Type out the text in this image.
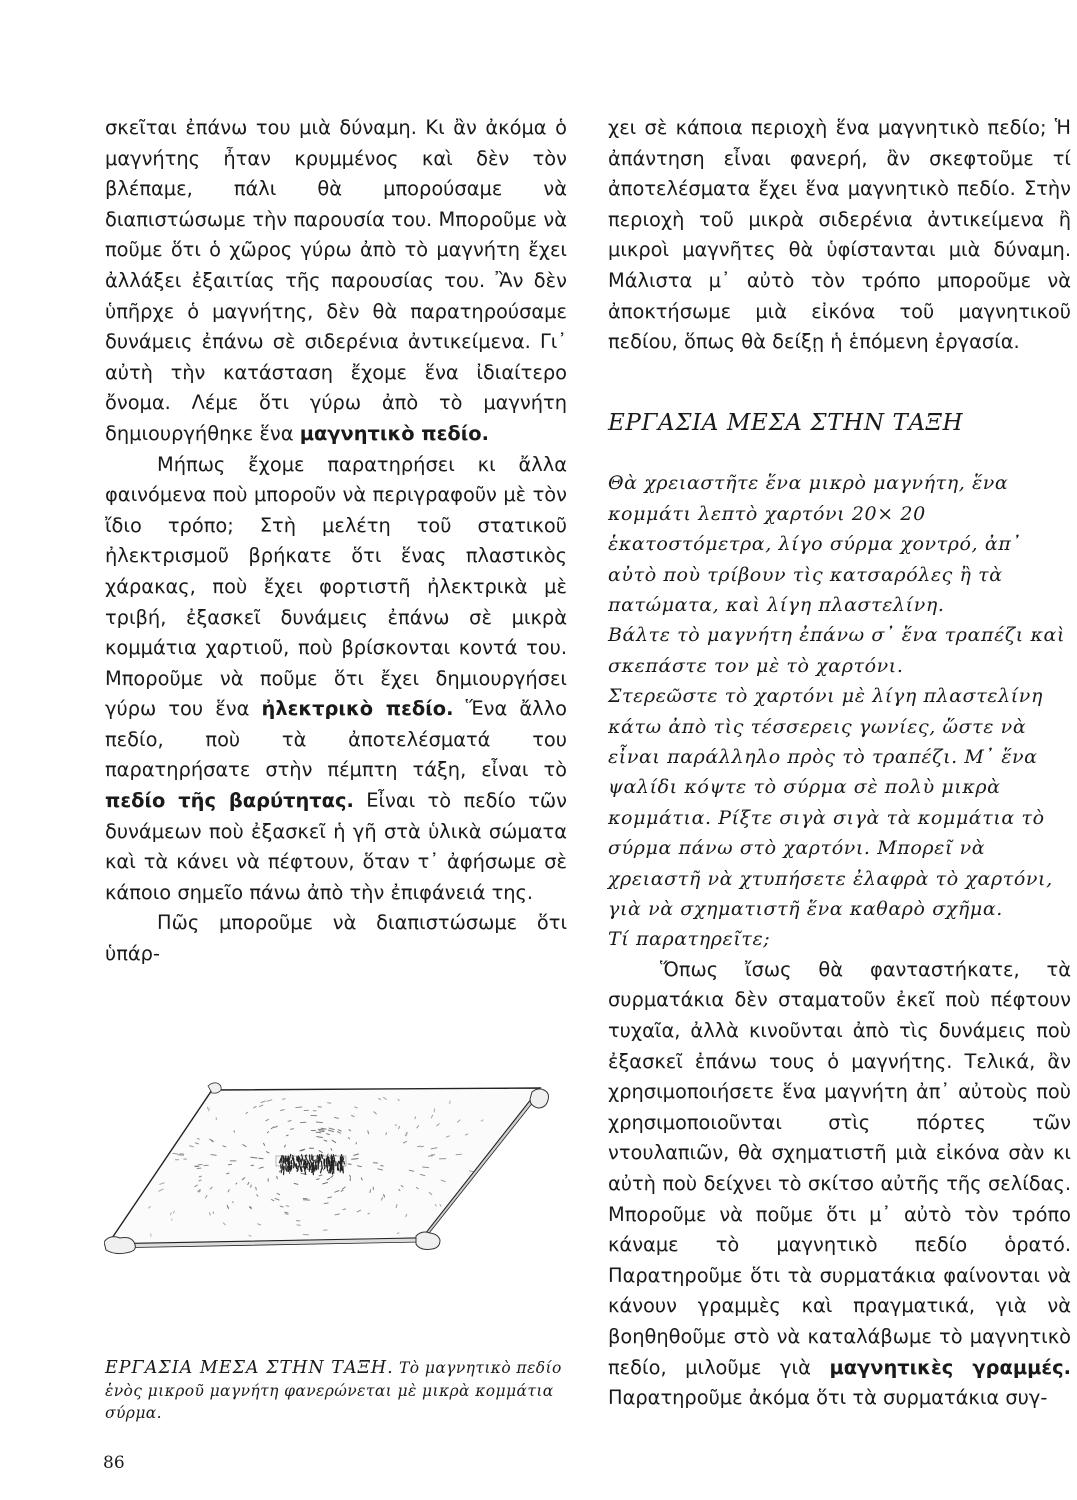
σκεῖται ἐπάνω του μιὰ δύναμη. Κι ἂν ἀκόμα ὁ μαγνήτης ἦταν κρυμμένος καὶ δὲν τὸν βλέπαμε, πάλι θὰ μπορούσαμε νὰ διαπιστώσωμε τὴν παρουσία του. Μποροῦμε νὰ ποῦμε ὅτι ὁ χῶρος γύρω ἀπὸ τὸ μαγνήτη ἔχει ἀλλάξει ἐξαιτίας τῆς παρουσίας του. Ἂν δὲν ὑπῆρχε ὁ μαγνήτης, δὲν θὰ παρατηρούσαμε δυνάμεις ἐπάνω σὲ σιδερένια ἀντικείμενα. Γι᾽ αὐτὴ τὴν κατάσταση ἔχομε ἕνα ἰδιαίτερο ὄνομα. Λέμε ὅτι γύρω ἀπὸ τὸ μαγνήτη δημιουργήθηκε ἕνα μαγνητικὸ πεδίο.

Μήπως ἔχομε παρατηρήσει κι ἄλλα φαινόμενα ποὺ μποροῦν νὰ περιγραφοῦν μὲ τὸν ἴδιο τρόπο; Στὴ μελέτη τοῦ στατικοῦ ἠλεκτρισμοῦ βρήκατε ὅτι ἕνας πλαστικὸς χάρακας, ποὺ ἔχει φορτιστῆ ἠλεκτρικὰ μὲ τριβή, ἐξασκεῖ δυνάμεις ἐπάνω σὲ μικρὰ κομμάτια χαρτιοῦ, ποὺ βρίσκονται κοντά του. Μποροῦμε νὰ ποῦμε ὅτι ἔχει δημιουργήσει γύρω του ἕνα ἠλεκτρικὸ πεδίο. Ἕνα ἄλλο πεδίο, ποὺ τὰ ἀποτελέσματά του παρατηρήσατε στὴν πέμπτη τάξη, εἶναι τὸ πεδίο τῆς βαρύτητας. Εἶναι τὸ πεδίο τῶν δυνάμεων ποὺ ἐξασκεῖ ἡ γῆ στὰ ὑλικὰ σώματα καὶ τὰ κάνει νὰ πέφτουν, ὅταν τ᾽ ἀφήσωμε σὲ κάποιο σημεῖο πάνω ἀπὸ τὴν ἐπιφάνειά της.

Πῶς μποροῦμε νὰ διαπιστώσωμε ὅτι ὑπάρ-

χει σὲ κάποια περιοχὴ ἕνα μαγνητικὸ πεδίο; Ἡ ἀπάντηση εἶναι φανερή, ἂν σκεφτοῦμε τί ἀποτελέσματα ἔχει ἕνα μαγνητικὸ πεδίο. Στὴν περιοχὴ τοῦ μικρὰ σιδερένια ἀντικείμενα ἢ μικροὶ μαγνῆτες θὰ ὑφίστανται μιὰ δύναμη. Μάλιστα μ᾽ αὐτὸ τὸν τρόπο μποροῦμε νὰ ἀποκτήσωμε μιὰ εἰκόνα τοῦ μαγνητικοῦ πεδίου, ὅπως θὰ δείξῃ ἡ ἑπόμενη ἐργασία.

ΕΡΓΑΣΙΑ ΜΕΣΑ ΣΤΗΝ ΤΑΞΗ

Θὰ χρειαστῆτε ἕνα μικρὸ μαγνήτη, ἕνα κομμάτι λεπτὸ χαρτόνι 20× 20 ἑκατοστόμετρα, λίγο σύρμα χοντρό, ἀπ᾽ αὐτὸ ποὺ τρίβουν τὶς κατσαρόλες ἢ τὰ πατώματα, καὶ λίγη πλαστελίνη.

Βάλτε τὸ μαγνήτη ἐπάνω σ᾽ ἕνα τραπέζι καὶ σκεπάστε τον μὲ τὸ χαρτόνι.

Στερεῶστε τὸ χαρτόνι μὲ λίγη πλαστελίνη κάτω ἀπὸ τὶς τέσσερεις γωνίες, ὥστε νὰ εἶναι παράλληλο πρὸς τὸ τραπέζι. Μ᾽ ἕνα ψαλίδι κόψτε τὸ σύρμα σὲ πολὺ μικρὰ κομμάτια. Ρίξτε σιγὰ σιγὰ τὰ κομμάτια τὸ σύρμα πάνω στὸ χαρτόνι. Μπορεῖ νὰ χρειαστῆ νὰ χτυπήσετε ἐλαφρὰ τὸ χαρτόνι, γιὰ νὰ σχηματιστῆ ἕνα καθαρὸ σχῆμα.

Τί παρατηρεῖτε;

Ὅπως ἴσως θὰ φανταστήκατε, τὰ συρματάκια δὲν σταματοῦν ἐκεῖ ποὺ πέφτουν τυχαῖα, ἀλλὰ κινοῦνται ἀπὸ τὶς δυνάμεις ποὺ ἐξασκεῖ ἐπάνω τους ὁ μαγνήτης. Τελικά, ἂν χρησιμοποιήσετε ἕνα μαγνήτη ἀπ᾽ αὐτοὺς ποὺ χρησιμοποιοῦνται στὶς πόρτες τῶν ντουλαπιῶν, θὰ σχηματιστῆ μιὰ εἰκόνα σὰν κι αὐτὴ ποὺ δείχνει τὸ σκίτσο αὐτῆς τῆς σελίδας. Μποροῦμε νὰ ποῦμε ὅτι μ᾽ αὐτὸ τὸν τρόπο κάναμε τὸ μαγνητικὸ πεδίο ὁρατό. Παρατηροῦμε ὅτι τὰ συρματάκια φαίνονται νὰ κάνουν γραμμὲς καὶ πραγματικά, γιὰ νὰ βοηθηθοῦμε στὸ νὰ καταλάβωμε τὸ μαγνητικὸ πεδίο, μιλοῦμε γιὰ μαγνητικὲς γραμμές. Παρατηροῦμε ἀκόμα ὅτι τὰ συρματάκια συγ-

ΕΡΓΑΣΙΑ ΜΕΣΑ ΣΤΗΝ ΤΑΞΗ. Τὸ μαγνητικὸ πεδίο ἑνὸς μικροῦ μαγνήτη φανερώνεται μὲ μικρὰ κομμάτια σύρμα.
86
